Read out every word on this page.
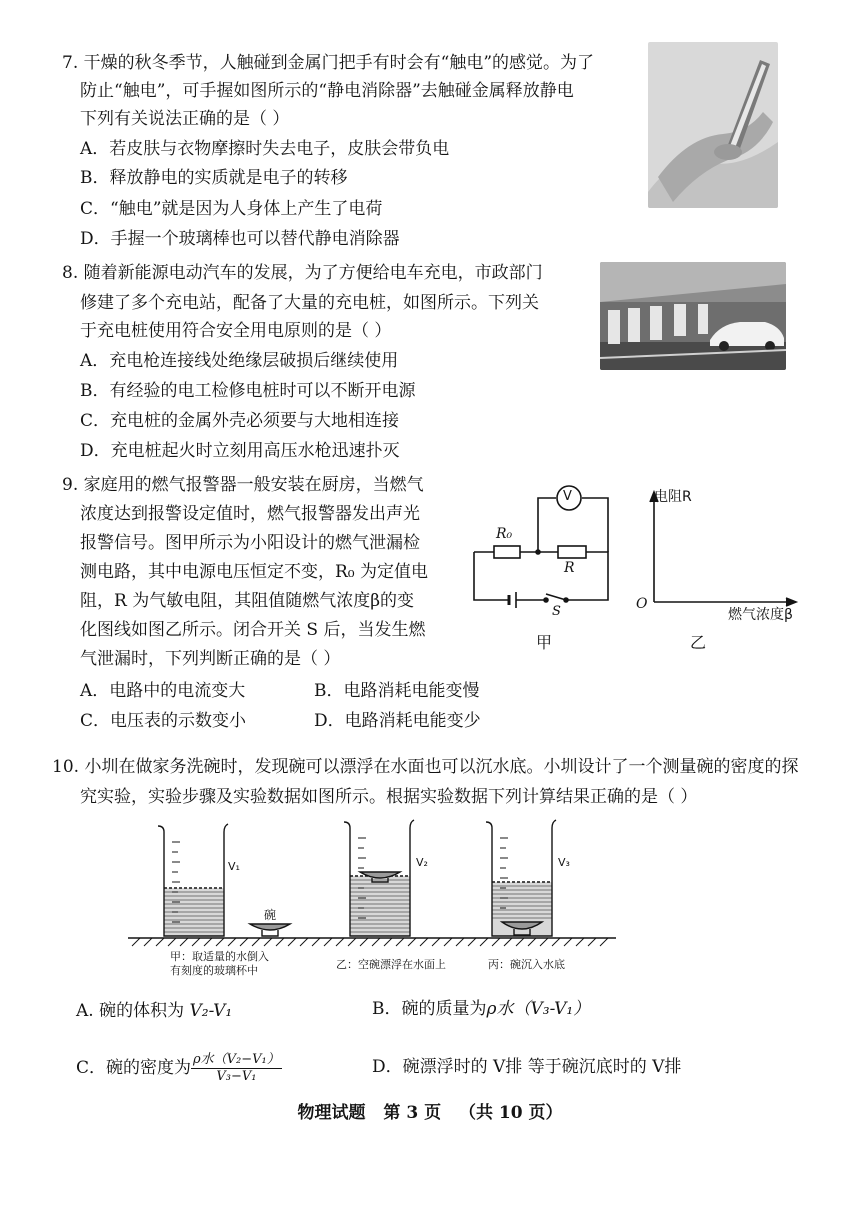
7. 干燥的秋冬季节，人触碰到金属门把手有时会有“触电”的感觉。为了
防止“触电”，可手握如图所示的“静电消除器”去触碰金属释放静电
下列有关说法正确的是（ ）
A．若皮肤与衣物摩擦时失去电子，皮肤会带负电
B．释放静电的实质就是电子的转移
C．“触电”就是因为人身体上产生了电荷
D．手握一个玻璃棒也可以替代静电消除器
8. 随着新能源电动汽车的发展，为了方便给电车充电，市政部门
修建了多个充电站，配备了大量的充电桩，如图所示。下列关
于充电桩使用符合安全用电原则的是（ ）
A．充电枪连接线处绝缘层破损后继续使用
B．有经验的电工检修电桩时可以不断开电源
C．充电桩的金属外壳必须要与大地相连接
D．充电桩起火时立刻用高压水枪迅速扑灭
9. 家庭用的燃气报警器一般安装在厨房，当燃气
浓度达到报警设定值时，燃气报警器发出声光
报警信号。图甲所示为小阳设计的燃气泄漏检
测电路，其中电源电压恒定不变，R₀ 为定值电
阻，R 为气敏电阻，其阻值随燃气浓度β的变
化图线如图乙所示。闭合开关 S 后，当发生燃
气泄漏时，下列判断正确的是（ ）
A．电路中的电流变大	B．电路消耗电能变慢
C．电压表的示数变小	D．电路消耗电能变少
V
R₀
R
S
甲
电阻R
O
燃气浓度β
乙
10. 小圳在做家务洗碗时，发现碗可以漂浮在水面也可以沉水底。小圳设计了一个测量碗的密度的探
究实验，实验步骤及实验数据如图所示。根据实验数据下列计算结果正确的是（ ）
V₁	V₂	V₃
碗
甲：取适量的水倒入
有刻度的玻璃杯中	乙：空碗漂浮在水面上	丙：碗沉入水底
A. 碗的体积为 V₂-V₁	B．碗的质量为ρ水（V₃-V₁）
C．碗的密度为 $\frac{\text{ρ水（V₂−V₁）}}{\text{V₃−V₁}}$	D．碗漂浮时的 V排 等于碗沉底时的 V排
物理试题 第 3 页 （共 10 页）
